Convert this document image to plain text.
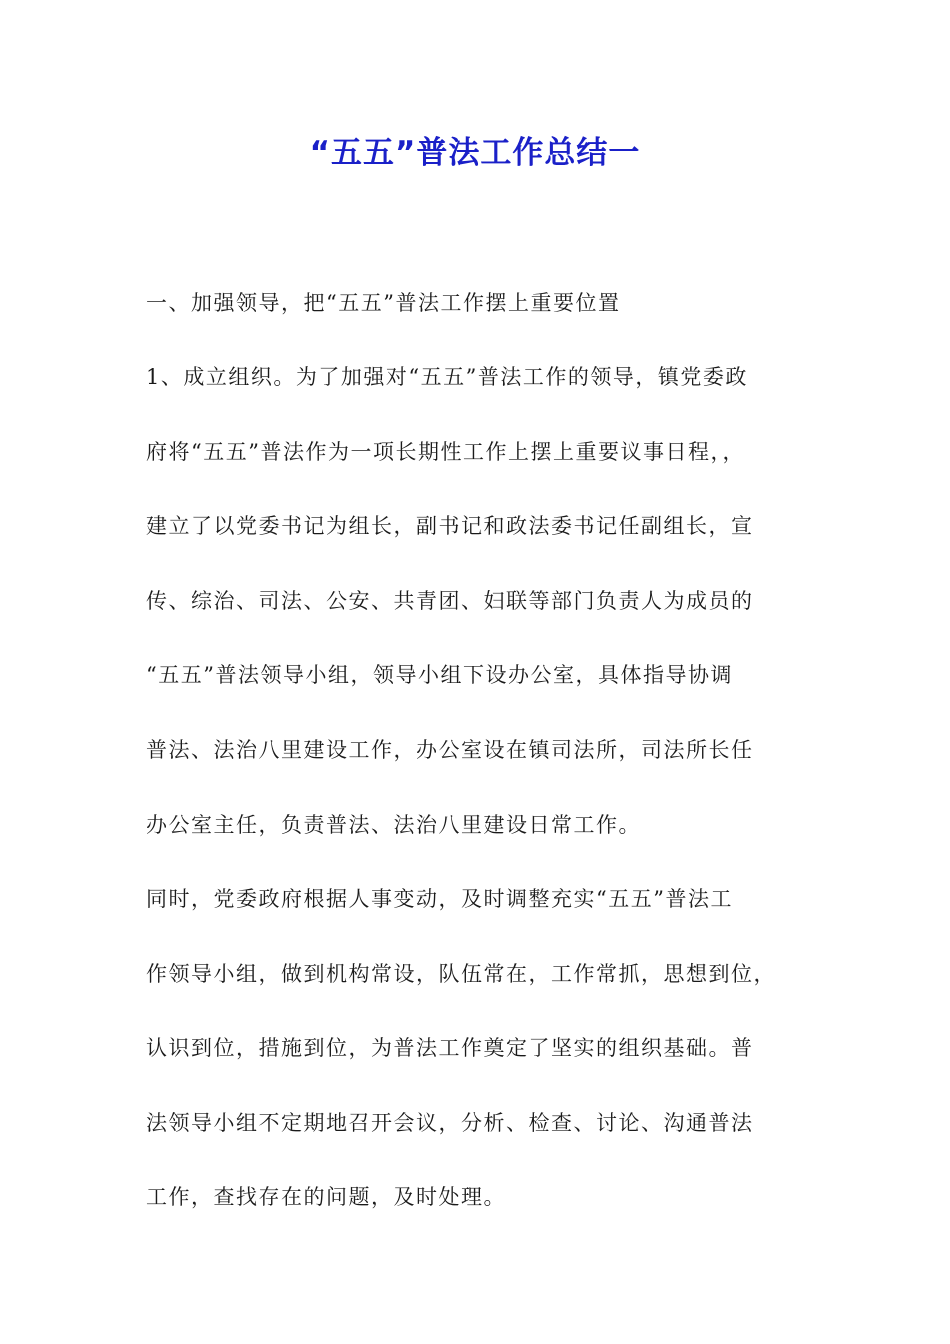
“五五”普法工作总结一
一、加强领导，把“五五”普法工作摆上重要位置
1、成立组织。为了加强对“五五”普法工作的领导，镇党委政
府将“五五”普法作为一项长期性工作上摆上重要议事日程，，
建立了以党委书记为组长，副书记和政法委书记任副组长，宣
传、综治、司法、公安、共青团、妇联等部门负责人为成员的
“五五”普法领导小组，领导小组下设办公室，具体指导协调
普法、法治八里建设工作，办公室设在镇司法所，司法所长任
办公室主任，负责普法、法治八里建设日常工作。
同时，党委政府根据人事变动，及时调整充实“五五”普法工
作领导小组，做到机构常设，队伍常在，工作常抓，思想到位，
认识到位，措施到位，为普法工作奠定了坚实的组织基础。普
法领导小组不定期地召开会议，分析、检查、讨论、沟通普法
工作，查找存在的问题，及时处理。
